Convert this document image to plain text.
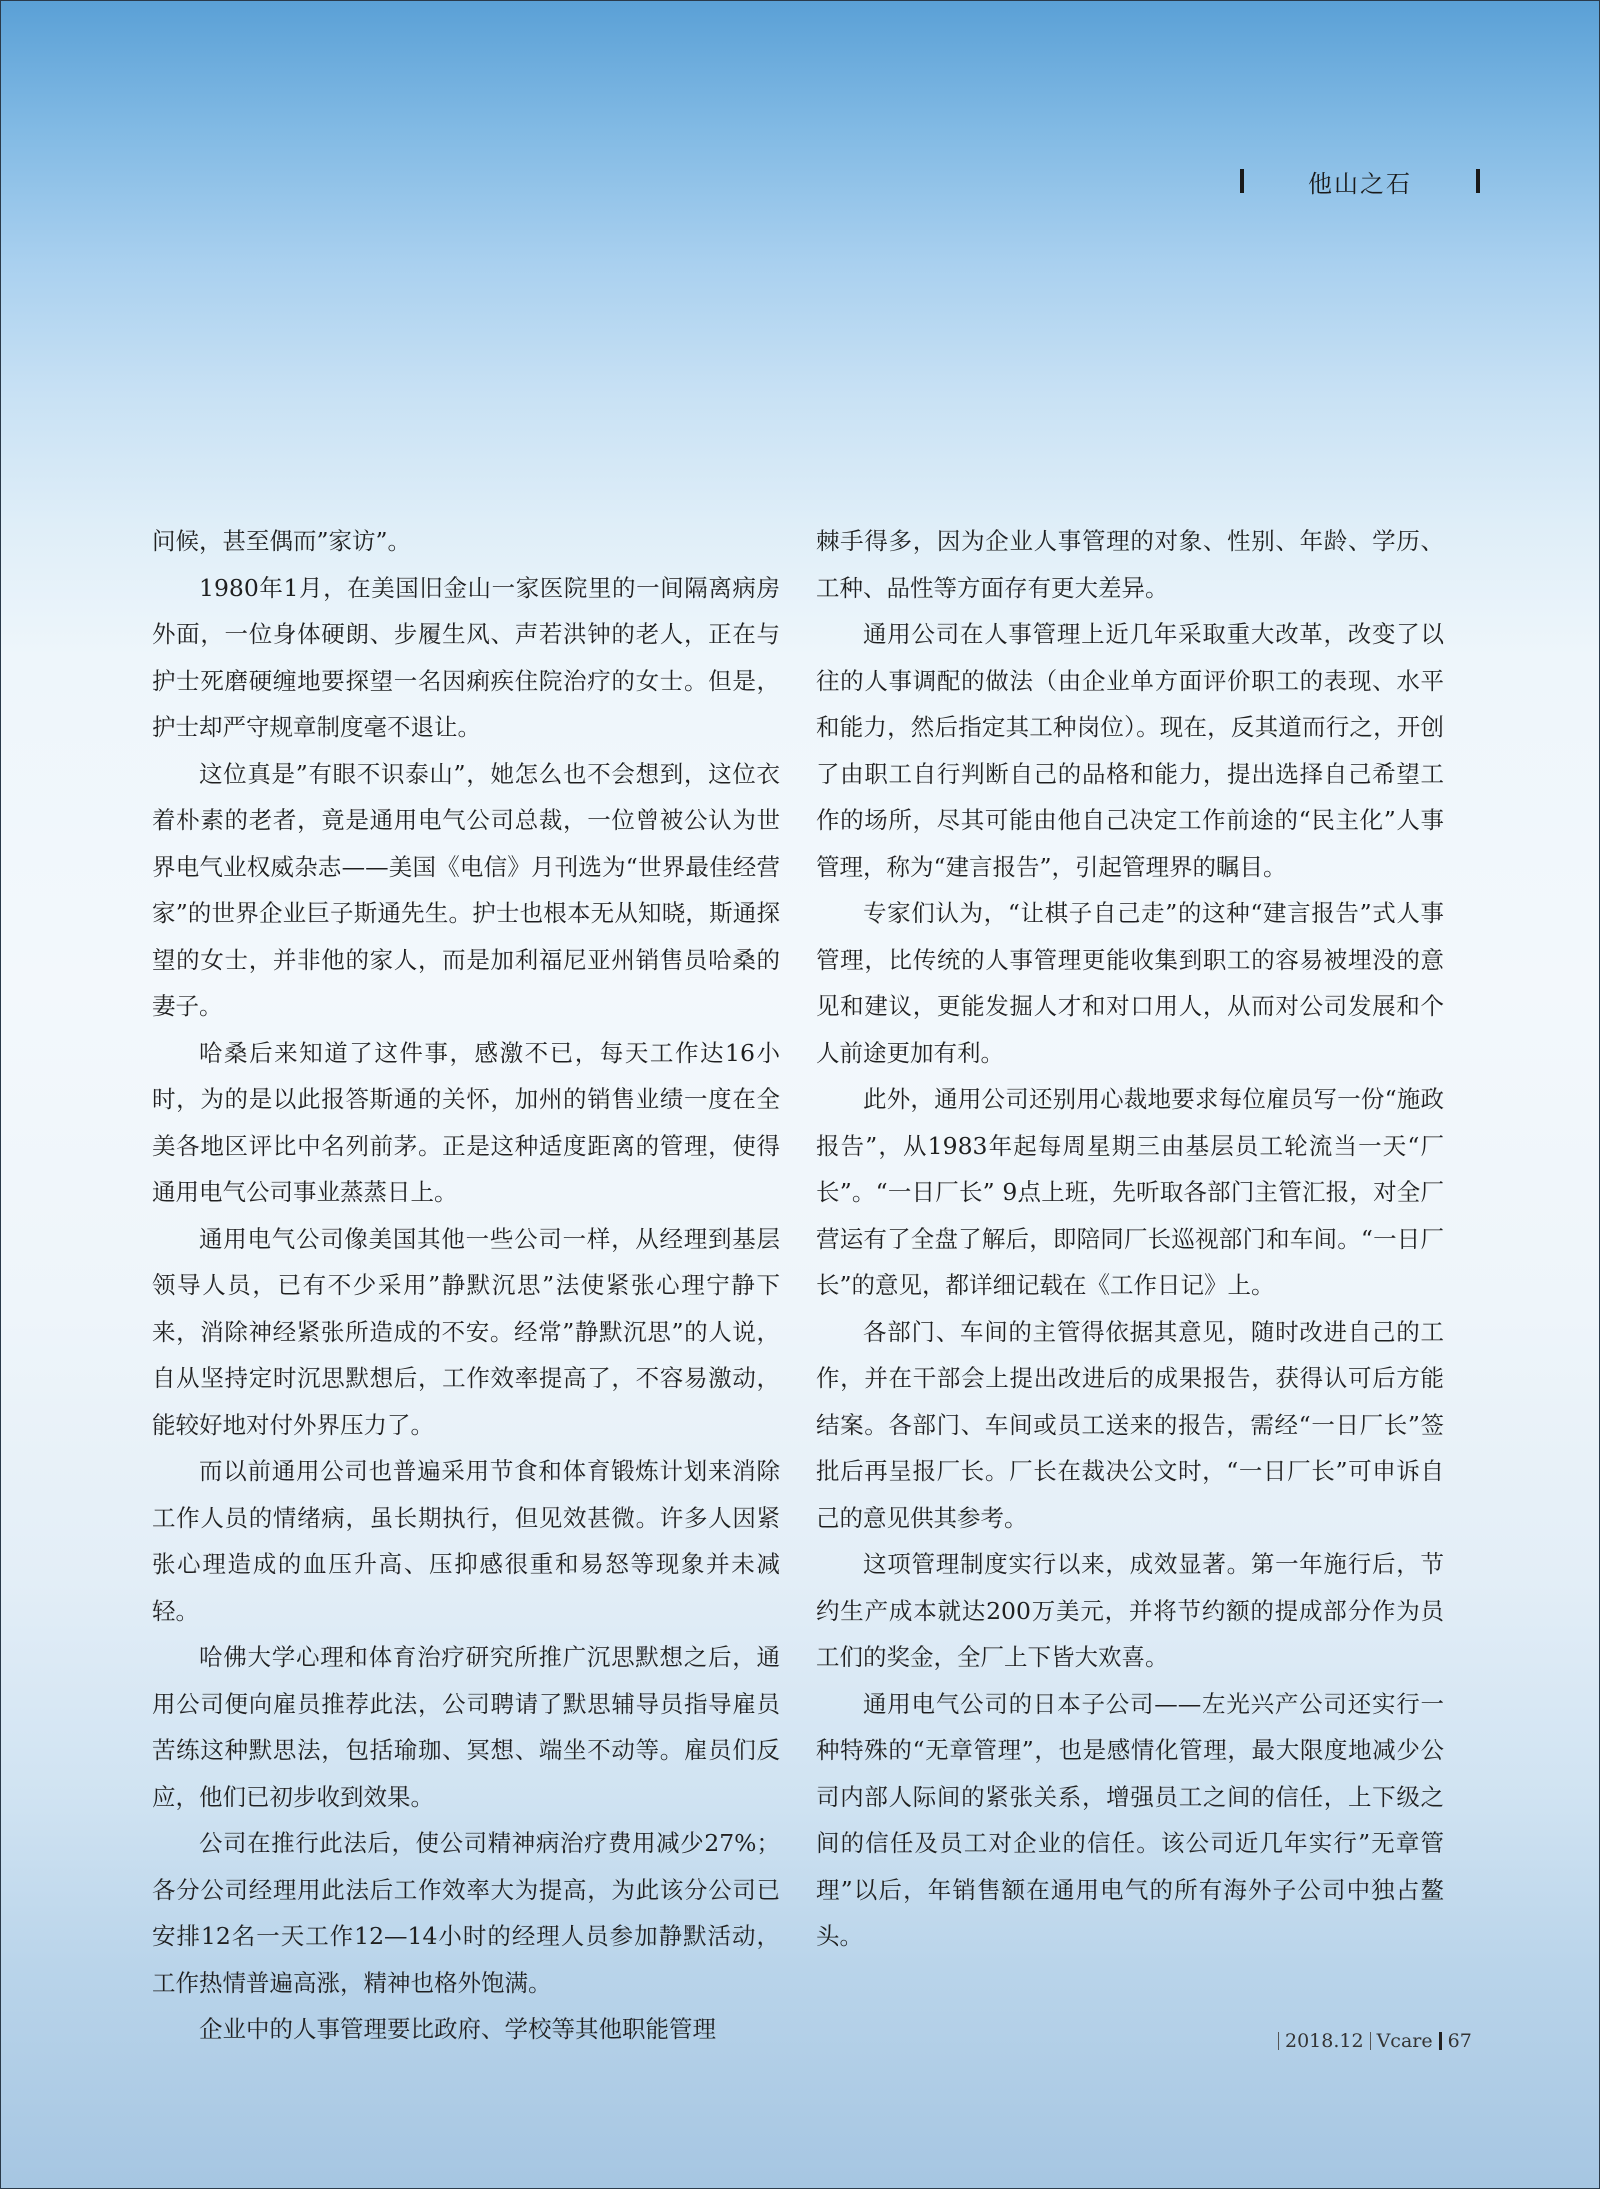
他山之石

问候，甚至偶而”家访”。

1980年1月，在美国旧金山一家医院里的一间隔离病房外面，一位身体硬朗、步履生风、声若洪钟的老人，正在与护士死磨硬缠地要探望一名因痢疾住院治疗的女士。但是，护士却严守规章制度毫不退让。

这位真是”有眼不识泰山”，她怎么也不会想到，这位衣着朴素的老者，竟是通用电气公司总裁，一位曾被公认为世界电气业权威杂志——美国《电信》月刊选为“世界最佳经营家”的世界企业巨子斯通先生。护士也根本无从知晓，斯通探望的女士，并非他的家人，而是加利福尼亚州销售员哈桑的妻子。

哈桑后来知道了这件事，感激不已，每天工作达16小时，为的是以此报答斯通的关怀，加州的销售业绩一度在全美各地区评比中名列前茅。正是这种适度距离的管理，使得通用电气公司事业蒸蒸日上。

通用电气公司像美国其他一些公司一样，从经理到基层领导人员，已有不少采用”静默沉思”法使紧张心理宁静下来，消除神经紧张所造成的不安。经常”静默沉思”的人说，自从坚持定时沉思默想后，工作效率提高了，不容易激动，能较好地对付外界压力了。

而以前通用公司也普遍采用节食和体育锻炼计划来消除工作人员的情绪病，虽长期执行，但见效甚微。许多人因紧张心理造成的血压升高、压抑感很重和易怒等现象并未减轻。

哈佛大学心理和体育治疗研究所推广沉思默想之后，通用公司便向雇员推荐此法，公司聘请了默思辅导员指导雇员苦练这种默思法，包括瑜珈、冥想、端坐不动等。雇员们反应，他们已初步收到效果。

公司在推行此法后，使公司精神病治疗费用减少27%；各分公司经理用此法后工作效率大为提高，为此该分公司已安排12名一天工作12—14小时的经理人员参加静默活动，工作热情普遍高涨，精神也格外饱满。

企业中的人事管理要比政府、学校等其他职能管理

棘手得多，因为企业人事管理的对象、性别、年龄、学历、工种、品性等方面存有更大差异。

通用公司在人事管理上近几年采取重大改革，改变了以往的人事调配的做法（由企业单方面评价职工的表现、水平和能力，然后指定其工种岗位）。现在，反其道而行之，开创了由职工自行判断自己的品格和能力，提出选择自己希望工作的场所，尽其可能由他自己决定工作前途的“民主化”人事管理，称为“建言报告”，引起管理界的瞩目。

专家们认为，“让棋子自己走”的这种“建言报告”式人事管理，比传统的人事管理更能收集到职工的容易被埋没的意见和建议，更能发掘人才和对口用人，从而对公司发展和个人前途更加有利。

此外，通用公司还别用心裁地要求每位雇员写一份“施政报告”，从1983年起每周星期三由基层员工轮流当一天“厂长”。“一日厂长” 9点上班，先听取各部门主管汇报，对全厂营运有了全盘了解后，即陪同厂长巡视部门和车间。“一日厂长”的意见，都详细记载在《工作日记》上。

各部门、车间的主管得依据其意见，随时改进自己的工作，并在干部会上提出改进后的成果报告，获得认可后方能结案。各部门、车间或员工送来的报告，需经“一日厂长”签批后再呈报厂长。厂长在裁决公文时，“一日厂长”可申诉自己的意见供其参考。

这项管理制度实行以来，成效显著。第一年施行后，节约生产成本就达200万美元，并将节约额的提成部分作为员工们的奖金，全厂上下皆大欢喜。

通用电气公司的日本子公司——左光兴产公司还实行一种特殊的“无章管理”，也是感情化管理，最大限度地减少公司内部人际间的紧张关系，增强员工之间的信任，上下级之间的信任及员工对企业的信任。该公司近几年实行”无章管理”以后，年销售额在通用电气的所有海外子公司中独占鳌头。

2018.12 Vcare 67
